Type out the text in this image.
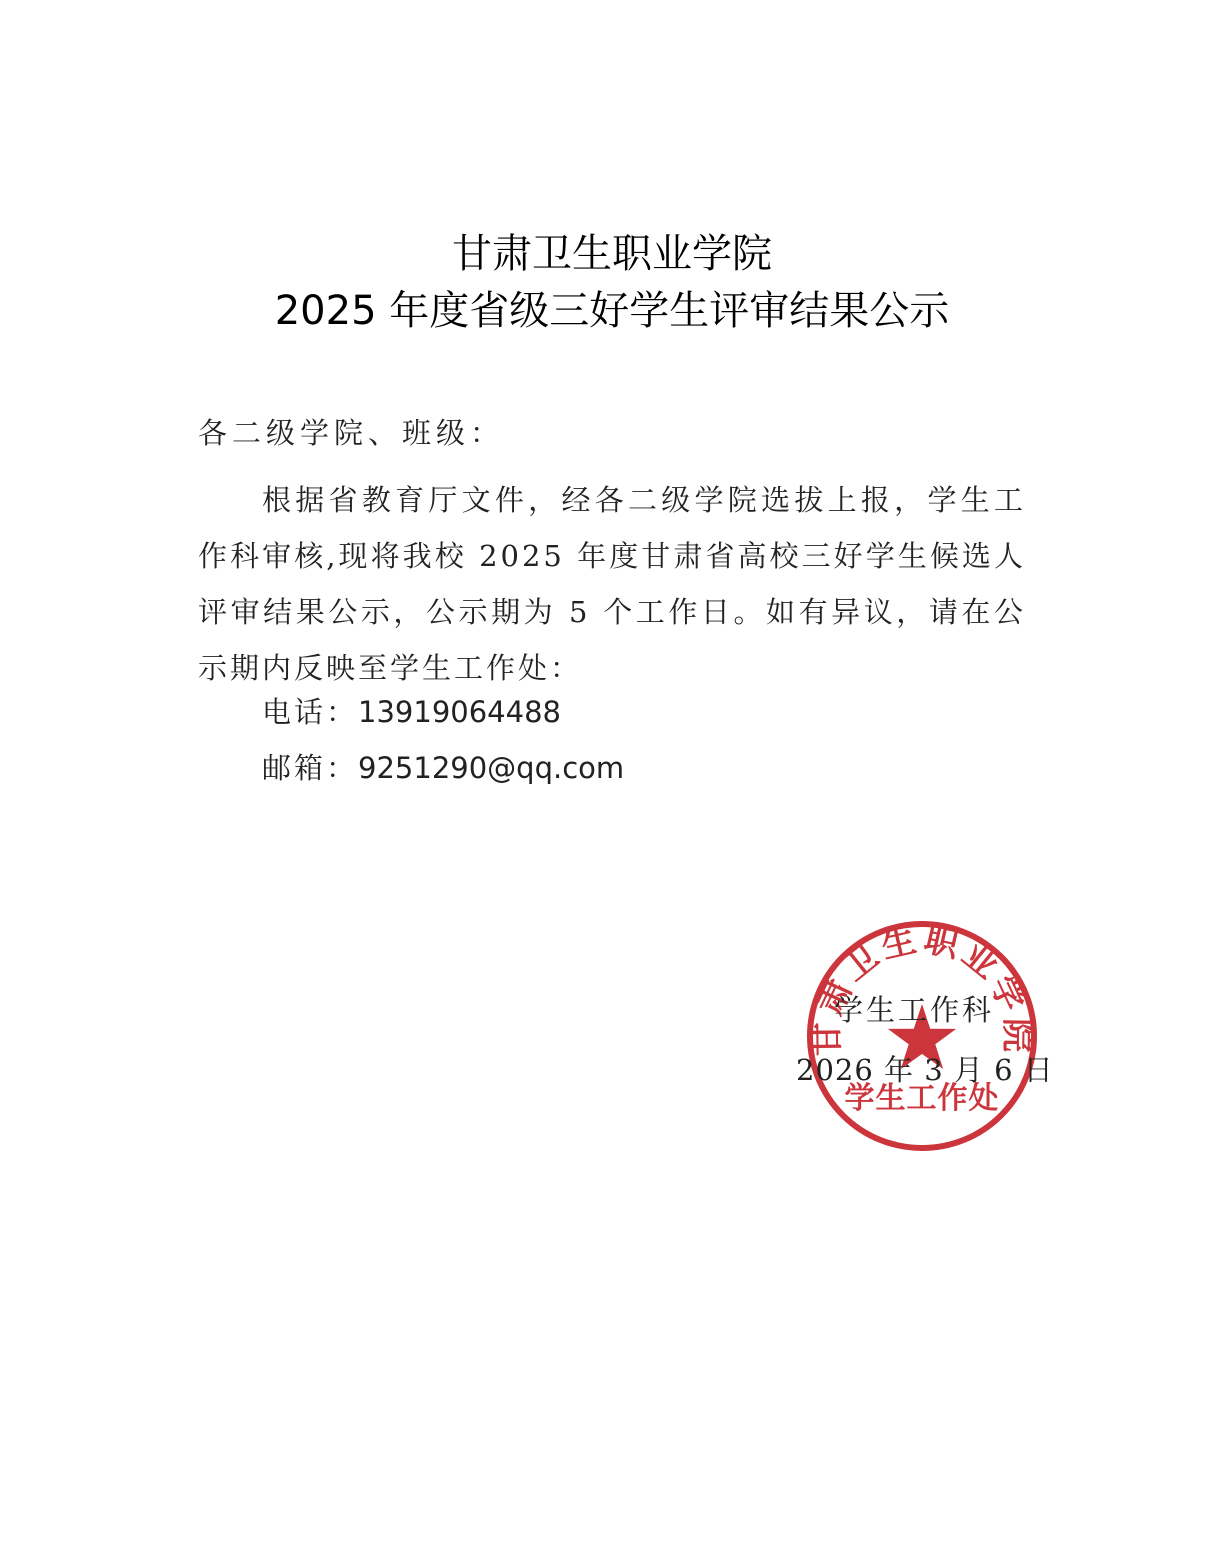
甘肃卫生职业学院
2025 年度省级三好学生评审结果公示
各二级学院、班级：
根据省教育厅文件，经各二级学院选拔上报，学生工作科审核,现将我校 2025 年度甘肃省高校三好学生候选人评审结果公示，公示期为 5 个工作日。如有异议，请在公示期内反映至学生工作处：
电话：13919064488
邮箱：9251290@qq.com
甘肃卫生职业学院
学生工作处
学生工作科
2026 年 3 月 6 日
